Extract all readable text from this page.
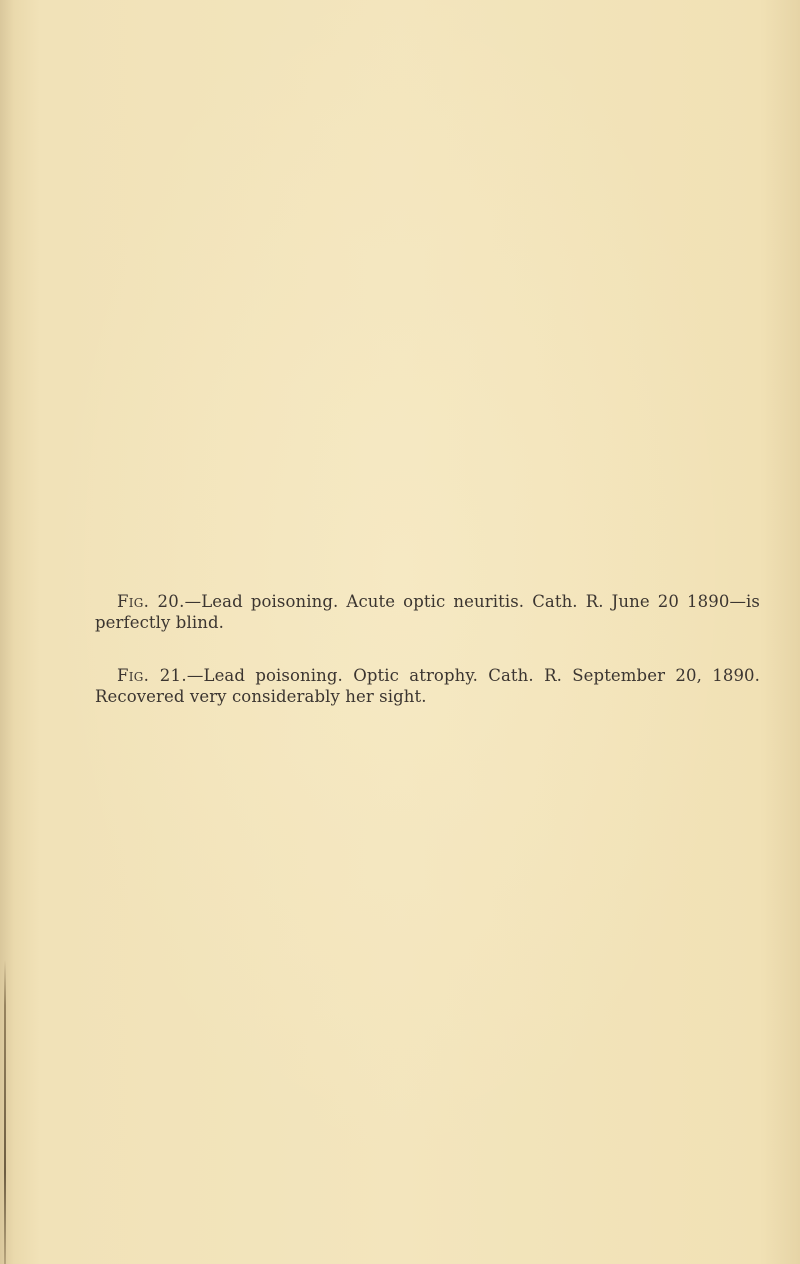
Fig. 20.—Lead poisoning. Acute optic neuritis. Cath. R. June 20 1890—is perfectly blind.

Fig. 21.—Lead poisoning. Optic atrophy. Cath. R. September 20, 1890. Recovered very considerably her sight.
